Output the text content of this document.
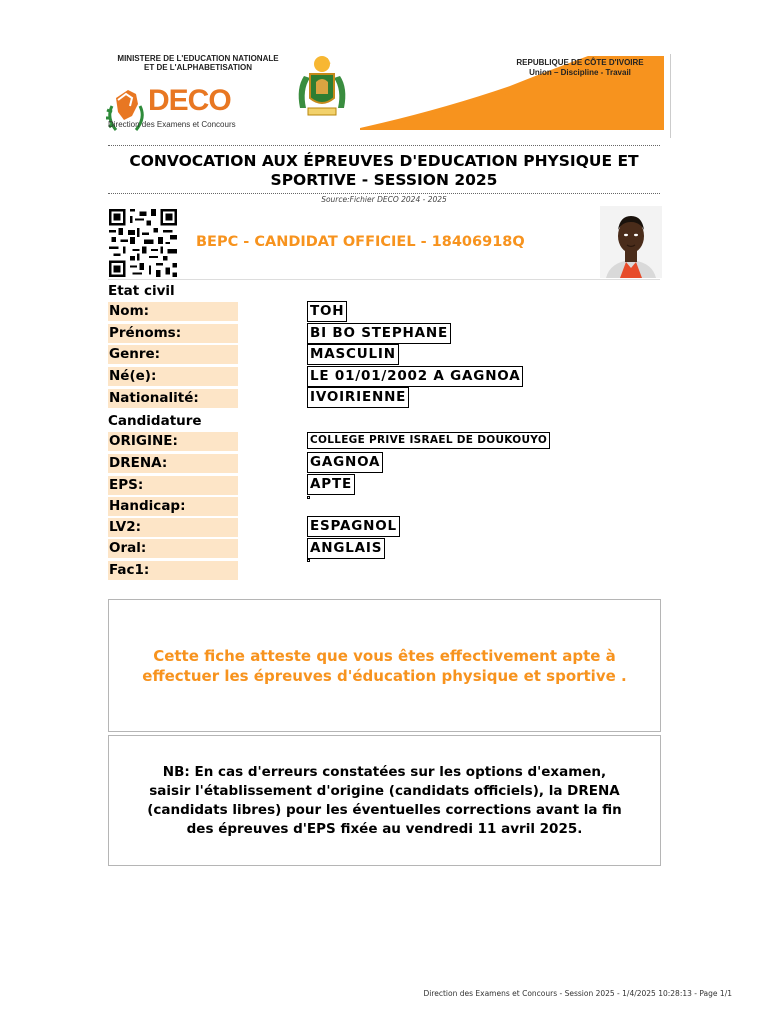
MINISTERE DE L'EDUCATION NATIONALE
ET DE L'ALPHABETISATION
DECO
Direction des Examens et Concours
REPUBLIQUE DE CÔTE D'IVOIRE
Union – Discipline - Travail
CONVOCATION AUX ÉPREUVES D'EDUCATION PHYSIQUE ET
SPORTIVE - SESSION 2025
Source:Fichier DECO 2024 - 2025
BEPC - CANDIDAT OFFICIEL - 18406918Q
Etat civil
Nom:	TOH
Prénoms:	BI BO STEPHANE
Genre:	MASCULIN
Né(e):	LE 01/01/2002 A GAGNOA
Nationalité:	IVOIRIENNE
Candidature
ORIGINE:	COLLEGE PRIVE ISRAEL DE DOUKOUYO
DRENA:	GAGNOA
EPS:	APTE
Handicap:
LV2:	ESPAGNOL
Oral:	ANGLAIS
Fac1:
Cette fiche atteste que vous êtes effectivement apte à
effectuer les épreuves d'éducation physique et sportive .
NB: En cas d'erreurs constatées sur les options d'examen,
saisir l'établissement d'origine (candidats officiels), la DRENA
(candidats libres) pour les éventuelles corrections avant la fin
des épreuves d'EPS fixée au vendredi 11 avril 2025.
Direction des Examens et Concours - Session 2025 - 1/4/2025 10:28:13 - Page 1/1
